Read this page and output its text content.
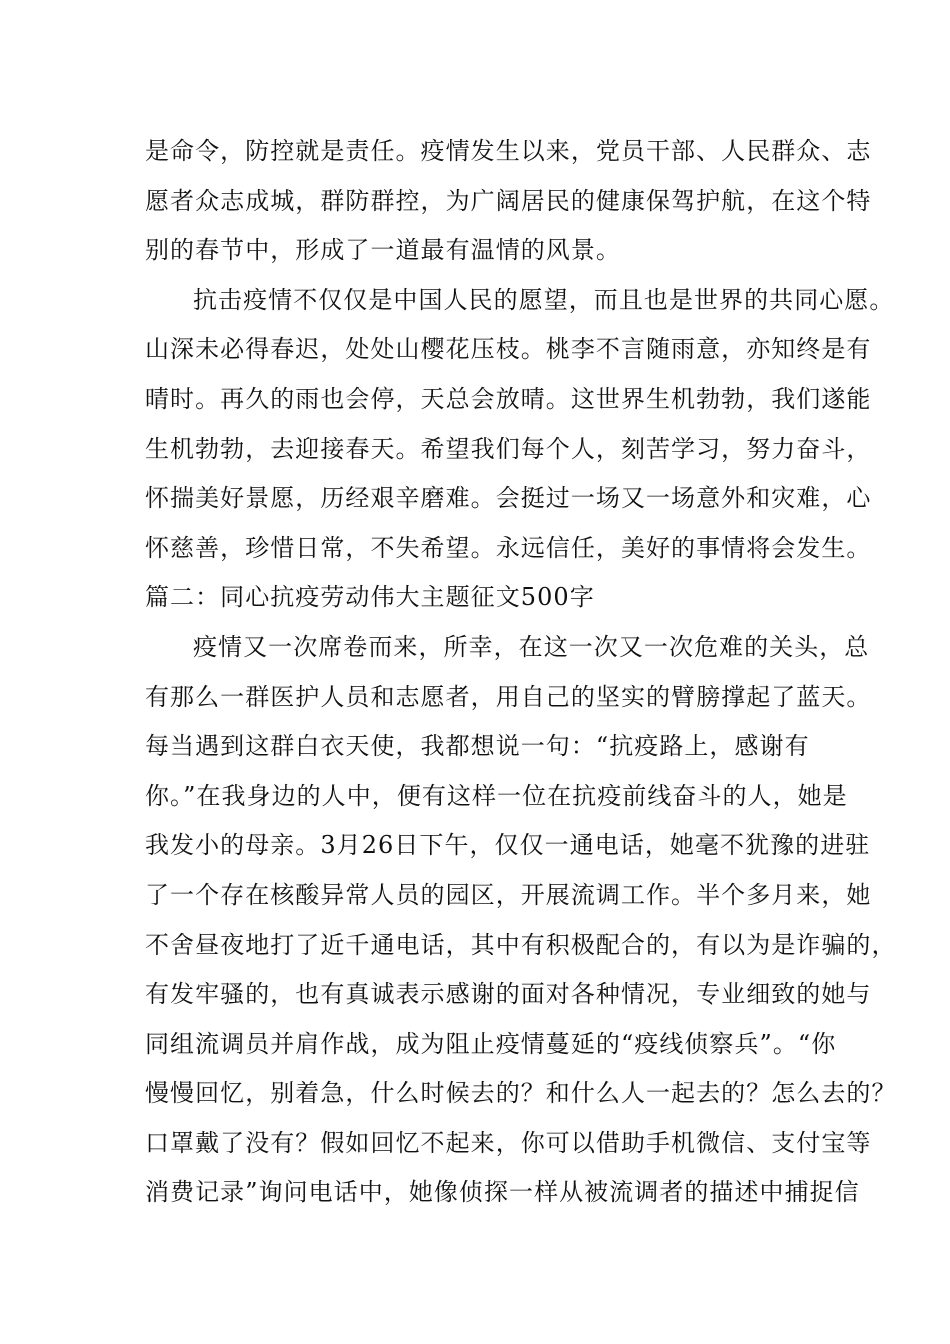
是命令，防控就是责任。疫情发生以来，党员干部、人民群众、志
愿者众志成城，群防群控，为广阔居民的健康保驾护航，在这个特
别的春节中，形成了一道最有温情的风景。
抗击疫情不仅仅是中国人民的愿望，而且也是世界的共同心愿。
山深未必得春迟，处处山樱花压枝。桃李不言随雨意，亦知终是有
晴时。再久的雨也会停，天总会放晴。这世界生机勃勃，我们遂能
生机勃勃，去迎接春天。希望我们每个人，刻苦学习，努力奋斗，
怀揣美好景愿，历经艰辛磨难。会挺过一场又一场意外和灾难，心
怀慈善，珍惜日常，不失希望。永远信任，美好的事情将会发生。
篇二：同心抗疫劳动伟大主题征文500字
疫情又一次席卷而来，所幸，在这一次又一次危难的关头，总
有那么一群医护人员和志愿者，用自己的坚实的臂膀撑起了蓝天。
每当遇到这群白衣天使，我都想说一句：“抗疫路上，感谢有
你。”在我身边的人中，便有这样一位在抗疫前线奋斗的人，她是
我发小的母亲。3月26日下午，仅仅一通电话，她毫不犹豫的进驻
了一个存在核酸异常人员的园区，开展流调工作。半个多月来，她
不舍昼夜地打了近千通电话，其中有积极配合的，有以为是诈骗的，
有发牢骚的，也有真诚表示感谢的面对各种情况，专业细致的她与
同组流调员并肩作战，成为阻止疫情蔓延的“疫线侦察兵”。“你
慢慢回忆，别着急，什么时候去的？和什么人一起去的？怎么去的？
口罩戴了没有？假如回忆不起来，你可以借助手机微信、支付宝等
消费记录”询问电话中，她像侦探一样从被流调者的描述中捕捉信
